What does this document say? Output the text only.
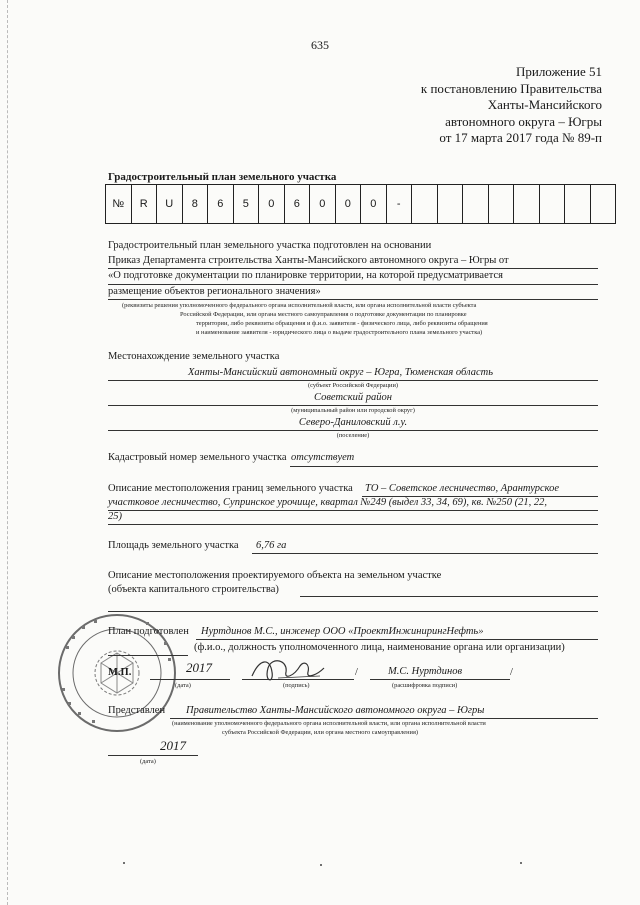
635
Приложение 51
к постановлению Правительства
Ханты-Мансийского
автономного округа – Югры
от 17 марта 2017 года № 89-п
Градостроительный план земельного участка
№	R	U	8	6	5	0	6	0	0	0	-								
Градостроительный план земельного участка подготовлен на основании
Приказ Департамента строительства Ханты-Мансийского автономного округа – Югры от
«О подготовке документации по планировке территории, на которой предусматривается
размещение объектов регионального значения»
(реквизиты решения уполномоченного федерального органа исполнительной власти, или органа исполнительной власти субъекта
Российской Федерации, или органа местного самоуправления о подготовке документации по планировке
территории, либо реквизиты обращения и ф.и.о. заявителя - физического лица, либо реквизиты обращения
и наименование заявителя - юридического лица о выдаче градостроительного плана земельного участка)
Местонахождение земельного участка
Ханты-Мансийский автономный округ – Югра, Тюменская область
(субъект Российской Федерации)
Советский район
(муниципальный район или городской округ)
Северо-Даниловский л.у.
(поселение)
Кадастровый номер земельного участка отсутствует
Описание местоположения границ земельного участка ТО – Советское лесничество, Арантурское
участковое лесничество, Супринское урочище, квартал №249 (выдел 33, 34, 69), кв. №250 (21, 22,
25)
Площадь земельного участка 6,76 га
Описание местоположения проектируемого объекта на земельном участке
(объекта капитального строительства)
План подготовлен Нуртдинов М.С., инженер ООО «ПроектИнжинирингНефть»
(ф.и.о., должность уполномоченного лица, наименование органа или организации)
М.П.	2017
(дата)	(подпись)
/	М.С. Нуртдинов	/
(расшифровка подписи)
Представлен Правительство Ханты-Мансийского автономного округа – Югры
(наименование уполномоченного федерального органа исполнительной власти, или органа исполнительной власти
субъекта Российской Федерации, или органа местного самоуправления)
2017
(дата)
